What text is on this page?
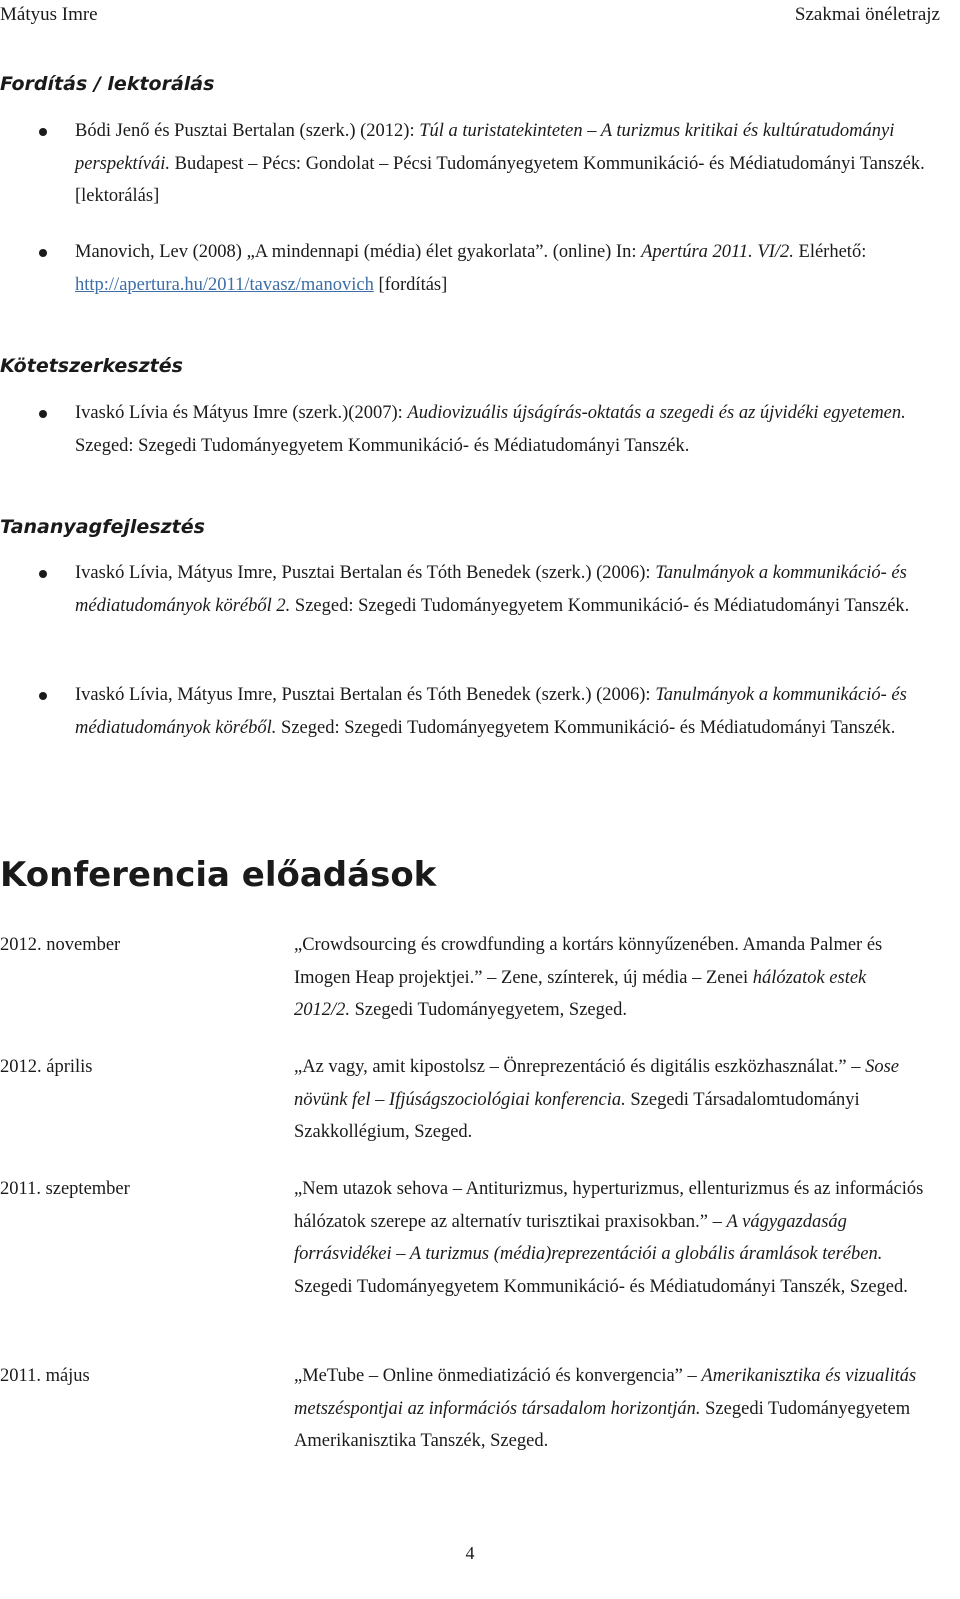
Mátyus Imre	Szakmai önéletrajz
Fordítás / lektorálás
Bódi Jenő és Pusztai Bertalan (szerk.) (2012): Túl a turistatekinteten – A turizmus kritikai és kultúratudományi perspektívái. Budapest – Pécs: Gondolat – Pécsi Tudományegyetem Kommunikáció- és Médiatudományi Tanszék. [lektorálás]
Manovich, Lev (2008) „A mindennapi (média) élet gyakorlata”. (online) In: Apertúra 2011. VI/2. Elérhető: http://apertura.hu/2011/tavasz/manovich [fordítás]
Kötetszerkesztés
Ivaskó Lívia és Mátyus Imre (szerk.)(2007): Audiovizuális újságírás-oktatás a szegedi és az újvidéki egyetemen. Szeged: Szegedi Tudományegyetem Kommunikáció- és Médiatudományi Tanszék.
Tananyagfejlesztés
Ivaskó Lívia, Mátyus Imre, Pusztai Bertalan és Tóth Benedek (szerk.) (2006): Tanulmányok a kommunikáció- és médiatudományok köréből 2. Szeged: Szegedi Tudományegyetem Kommunikáció- és Médiatudományi Tanszék.
Ivaskó Lívia, Mátyus Imre, Pusztai Bertalan és Tóth Benedek (szerk.) (2006): Tanulmányok a kommunikáció- és médiatudományok köréből. Szeged: Szegedi Tudományegyetem Kommunikáció- és Médiatudományi Tanszék.
Konferencia előadások
2012. november	„Crowdsourcing és crowdfunding a kortárs könnyűzenében. Amanda Palmer és Imogen Heap projektjei.” – Zene, színterek, új média – Zenei hálózatok estek 2012/2. Szegedi Tudományegyetem, Szeged.
2012. április	„Az vagy, amit kipostolsz – Önreprezentáció és digitális eszközhasználat.” – Sose növünk fel – Ifjúságszociológiai konferencia. Szegedi Társadalomtudományi Szakkollégium, Szeged.
2011. szeptember	„Nem utazok sehova – Antiturizmus, hyperturizmus, ellenturizmus és az információs hálózatok szerepe az alternatív turisztikai praxisokban.” – A vágygazdaság forrásvidékei – A turizmus (média)reprezentációi a globális áramlások terében. Szegedi Tudományegyetem Kommunikáció- és Médiatudományi Tanszék, Szeged.
2011. május	„MeTube – Online önmediatizáció és konvergencia” – Amerikanisztika és vizualitás metszéspontjai az információs társadalom horizontján. Szegedi Tudományegyetem Amerikanisztika Tanszék, Szeged.
4
